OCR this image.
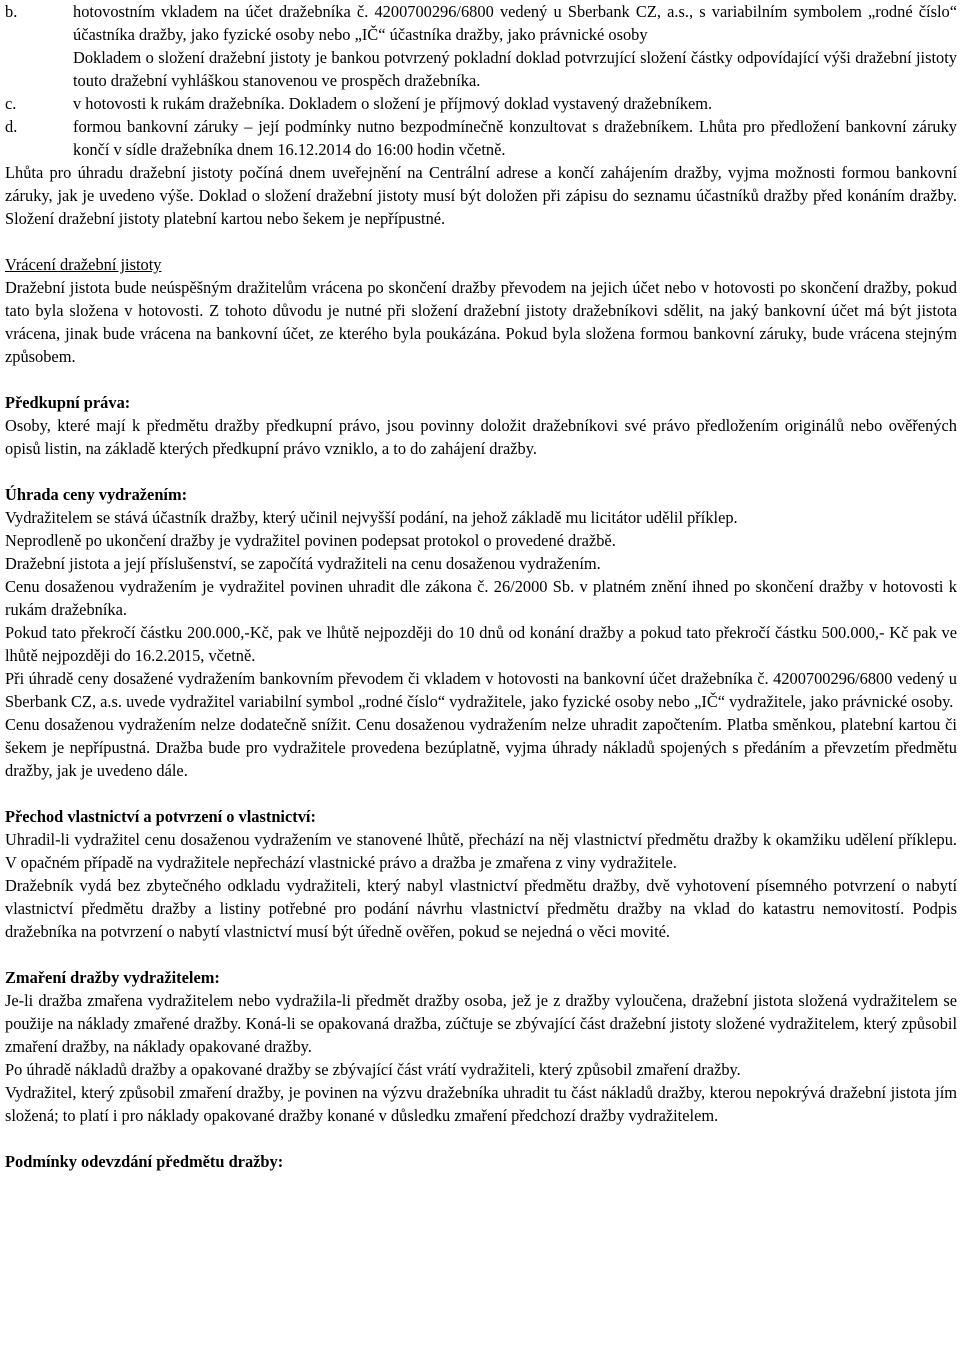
b.	hotovostním vkladem na účet dražebníka č. 4200700296/6800 vedený u Sberbank CZ, a.s., s variabilním symbolem „rodné číslo“ účastníka dražby, jako fyzické osoby nebo „IČ“ účastníka dražby, jako právnické osoby

Dokladem o složení dražební jistoty je bankou potvrzený pokladní doklad potvrzující složení částky odpovídající výši dražební jistoty touto dražební vyhláškou stanovenou ve prospěch dražebníka.

c.	v hotovosti k rukám dražebníka. Dokladem o složení je příjmový doklad vystavený dražebníkem.

d.	formou bankovní záruky – její podmínky nutno bezpodmínečně konzultovat s dražebníkem. Lhůta pro předložení bankovní záruky končí v sídle dražebníka dnem 16.12.2014 do 16:00 hodin včetně.

Lhůta pro úhradu dražební jistoty počíná dnem uveřejnění na Centrální adrese a končí zahájením dražby, vyjma možnosti formou bankovní záruky, jak je uvedeno výše. Doklad o složení dražební jistoty musí být doložen při zápisu do seznamu účastníků dražby před konáním dražby. Složení dražební jistoty platební kartou nebo šekem je nepřípustné.

Vrácení dražební jistoty

Dražební jistota bude neúspěšným dražitelům vrácena po skončení dražby převodem na jejich účet nebo v hotovosti po skončení dražby, pokud tato byla složena v hotovosti. Z tohoto důvodu je nutné při složení dražební jistoty dražebníkovi sdělit, na jaký bankovní účet má být jistota vrácena, jinak bude vrácena na bankovní účet, ze kterého byla poukázána. Pokud byla složena formou bankovní záruky, bude vrácena stejným způsobem.

Předkupní práva:

Osoby, které mají k předmětu dražby předkupní právo, jsou povinny doložit dražebníkovi své právo předložením originálů nebo ověřených opisů listin, na základě kterých předkupní právo vzniklo, a to do zahájení dražby.

Úhrada ceny vydražením:

Vydražitelem se stává účastník dražby, který učinil nejvyšší podání, na jehož základě mu licitátor udělil příklep.

Neprodleně po ukončení dražby je vydražitel povinen podepsat protokol o provedené dražbě.

Dražební jistota a její příslušenství, se započítá vydražiteli na cenu dosaženou vydražením.

Cenu dosaženou vydražením je vydražitel povinen uhradit dle zákona č. 26/2000 Sb. v platném znění ihned po skončení dražby v hotovosti k rukám dražebníka.

Pokud tato překročí částku 200.000,-Kč, pak ve lhůtě nejpozději do 10 dnů od konání dražby a pokud tato překročí částku 500.000,- Kč pak ve lhůtě nejpozději do 16.2.2015, včetně.

Při úhradě ceny dosažené vydražením bankovním převodem či vkladem v hotovosti na bankovní účet dražebníka č. 4200700296/6800 vedený u Sberbank CZ, a.s. uvede vydražitel variabilní symbol „rodné číslo“ vydražitele, jako fyzické osoby nebo „IČ“ vydražitele, jako právnické osoby.

Cenu dosaženou vydražením nelze dodatečně snížit. Cenu dosaženou vydražením nelze uhradit započtením. Platba směnkou, platební kartou či šekem je nepřípustná. Dražba bude pro vydražitele provedena bezúplatně, vyjma úhrady nákladů spojených s předáním a převzetím předmětu dražby, jak je uvedeno dále.

Přechod vlastnictví a potvrzení o vlastnictví:

Uhradil-li vydražitel cenu dosaženou vydražením ve stanovené lhůtě, přechází na něj vlastnictví předmětu dražby k okamžiku udělení příklepu. V opačném případě na vydražitele nepřechází vlastnické právo a dražba je zmařena z viny vydražitele.

Dražebník vydá bez zbytečného odkladu vydražiteli, který nabyl vlastnictví předmětu dražby, dvě vyhotovení písemného potvrzení o nabytí vlastnictví předmětu dražby a listiny potřebné pro podání návrhu vlastnictví předmětu dražby na vklad do katastru nemovitostí. Podpis dražebníka na potvrzení o nabytí vlastnictví musí být úředně ověřen, pokud se nejedná o věci movité.

Zmaření dražby vydražitelem:

Je-li dražba zmařena vydražitelem nebo vydražila-li předmět dražby osoba, jež je z dražby vyloučena, dražební jistota složená vydražitelem se použije na náklady zmařené dražby. Koná-li se opakovaná dražba, zúčtuje se zbývající část dražební jistoty složené vydražitelem, který způsobil zmaření dražby, na náklady opakované dražby.

Po úhradě nákladů dražby a opakované dražby se zbývající část vrátí vydražiteli, který způsobil zmaření dražby.

Vydražitel, který způsobil zmaření dražby, je povinen na výzvu dražebníka uhradit tu část nákladů dražby, kterou nepokrývá dražební jistota jím složená; to platí i pro náklady opakované dražby konané v důsledku zmaření předchozí dražby vydražitelem.

Podmínky odevzdání předmětu dražby:
